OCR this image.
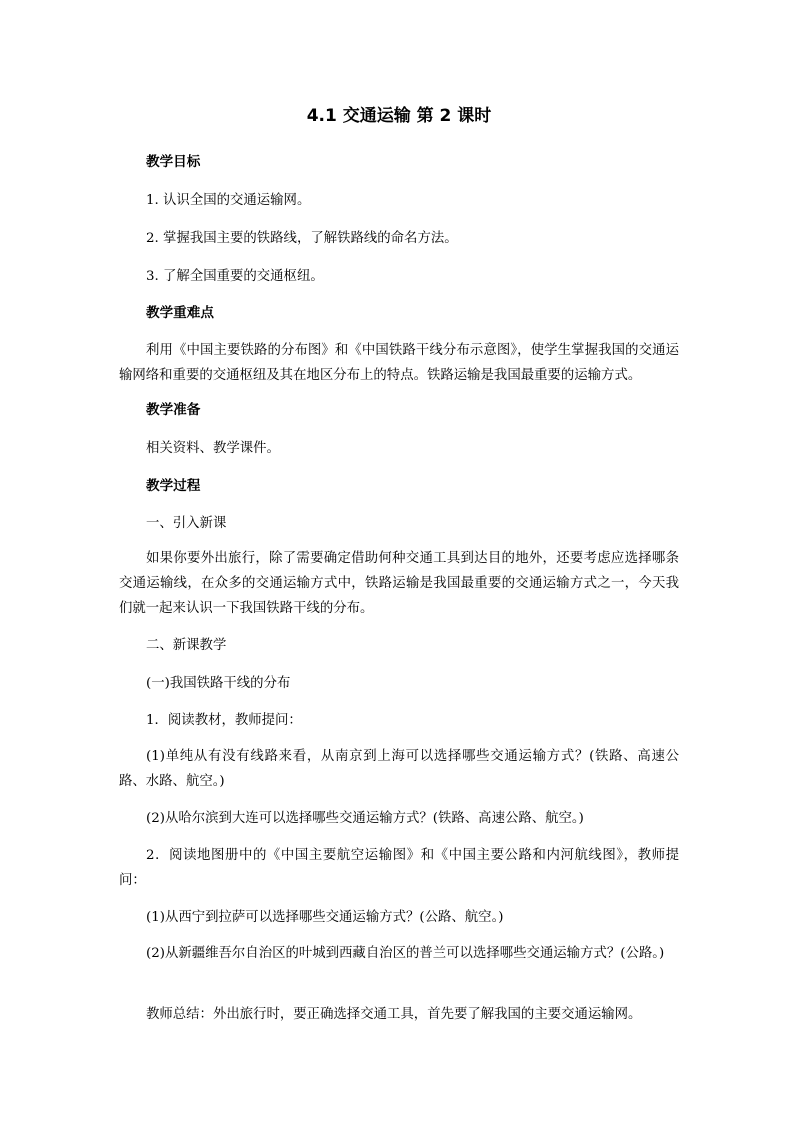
4.1 交通运输 第 2 课时

教学目标

1. 认识全国的交通运输网。

2. 掌握我国主要的铁路线，了解铁路线的命名方法。

3. 了解全国重要的交通枢纽。

教学重难点

利用《中国主要铁路的分布图》和《中国铁路干线分布示意图》，使学生掌握我国的交通运输网络和重要的交通枢纽及其在地区分布上的特点。铁路运输是我国最重要的运输方式。

教学准备

相关资料、教学课件。

教学过程

一、引入新课

如果你要外出旅行，除了需要确定借助何种交通工具到达目的地外，还要考虑应选择哪条交通运输线，在众多的交通运输方式中，铁路运输是我国最重要的交通运输方式之一，今天我们就一起来认识一下我国铁路干线的分布。

二、新课教学

(一)我国铁路干线的分布

1．阅读教材，教师提问：

(1)单纯从有没有线路来看，从南京到上海可以选择哪些交通运输方式？(铁路、高速公路、水路、航空。)

(2)从哈尔滨到大连可以选择哪些交通运输方式？(铁路、高速公路、航空。)

2．阅读地图册中的《中国主要航空运输图》和《中国主要公路和内河航线图》，教师提问：

(1)从西宁到拉萨可以选择哪些交通运输方式？(公路、航空。)

(2)从新疆维吾尔自治区的叶城到西藏自治区的普兰可以选择哪些交通运输方式？(公路。)

教师总结：外出旅行时，要正确选择交通工具，首先要了解我国的主要交通运输网。
